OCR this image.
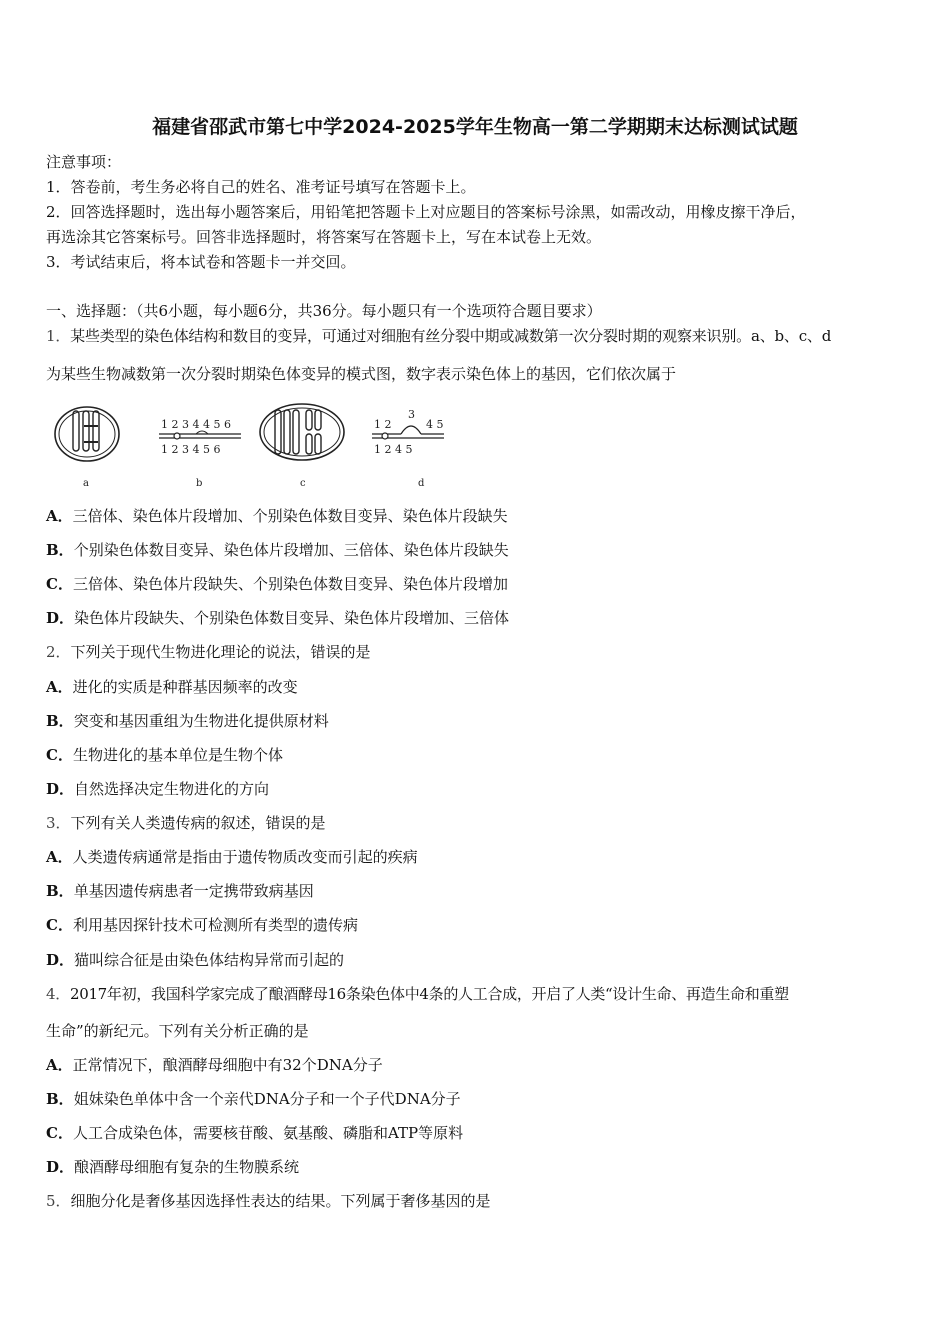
福建省邵武市第七中学2024-2025学年生物高一第二学期期末达标测试试题
注意事项：
1．答卷前，考生务必将自己的姓名、准考证号填写在答题卡上。
2．回答选择题时，选出每小题答案后，用铅笔把答题卡上对应题目的答案标号涂黑，如需改动，用橡皮擦干净后，
再选涂其它答案标号。回答非选择题时，将答案写在答题卡上，写在本试卷上无效。
3．考试结束后，将本试卷和答题卡一并交回。
一、选择题：（共6小题，每小题6分，共36分。每小题只有一个选项符合题目要求）
1．某些类型的染色体结构和数目的变异，可通过对细胞有丝分裂中期或减数第一次分裂时期的观察来识别。a、b、c、d
为某些生物减数第一次分裂时期染色体变异的模式图，数字表示染色体上的基因，它们依次属于
a
1 2 3 4 4 5 6
1 2 3 4 5 6
b	c
1 2
3
4 5
1 2 4 5
d
A．三倍体、染色体片段增加、个别染色体数目变异、染色体片段缺失
B．个别染色体数目变异、染色体片段增加、三倍体、染色体片段缺失
C．三倍体、染色体片段缺失、个别染色体数目变异、染色体片段增加
D．染色体片段缺失、个别染色体数目变异、染色体片段增加、三倍体
2．下列关于现代生物进化理论的说法，错误的是
A．进化的实质是种群基因频率的改变
B．突变和基因重组为生物进化提供原材料
C．生物进化的基本单位是生物个体
D．自然选择决定生物进化的方向
3．下列有关人类遗传病的叙述，错误的是
A．人类遗传病通常是指由于遗传物质改变而引起的疾病
B．单基因遗传病患者一定携带致病基因
C．利用基因探针技术可检测所有类型的遗传病
D．猫叫综合征是由染色体结构异常而引起的
4．2017年初，我国科学家完成了酿酒酵母16条染色体中4条的人工合成，开启了人类“设计生命、再造生命和重塑
生命”的新纪元。下列有关分析正确的是
A．正常情况下，酿酒酵母细胞中有32个DNA分子
B．姐妹染色单体中含一个亲代DNA分子和一个子代DNA分子
C．人工合成染色体，需要核苷酸、氨基酸、磷脂和ATP等原料
D．酿酒酵母细胞有复杂的生物膜系统
5．细胞分化是奢侈基因选择性表达的结果。下列属于奢侈基因的是
